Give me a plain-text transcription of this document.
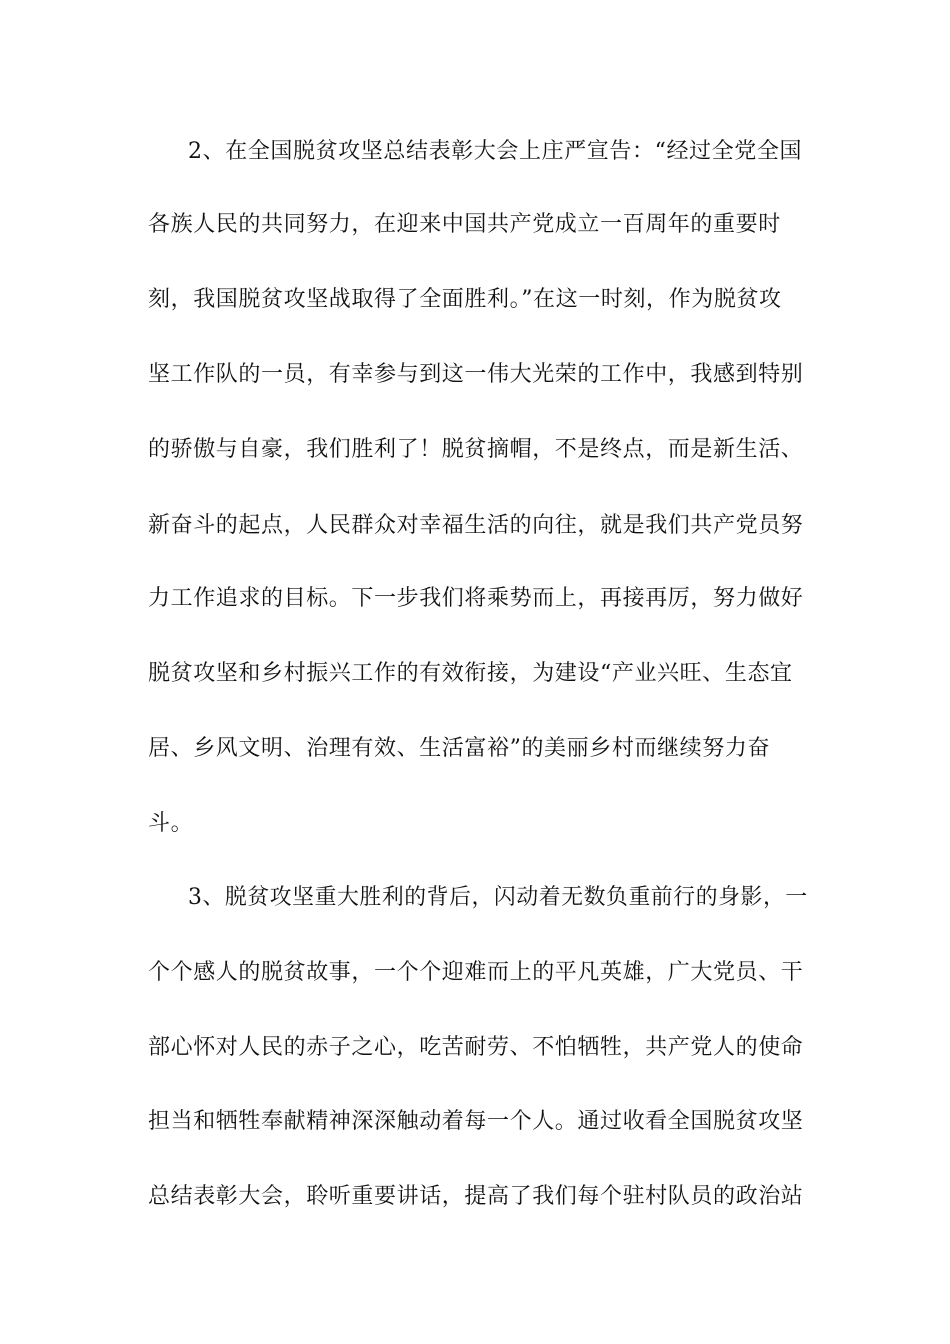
2、在全国脱贫攻坚总结表彰大会上庄严宣告：“经过全党全国
各族人民的共同努力，在迎来中国共产党成立一百周年的重要时
刻，我国脱贫攻坚战取得了全面胜利。”在这一时刻，作为脱贫攻
坚工作队的一员，有幸参与到这一伟大光荣的工作中，我感到特别
的骄傲与自豪，我们胜利了！脱贫摘帽，不是终点，而是新生活、
新奋斗的起点，人民群众对幸福生活的向往，就是我们共产党员努
力工作追求的目标。下一步我们将乘势而上，再接再厉，努力做好
脱贫攻坚和乡村振兴工作的有效衔接，为建设“产业兴旺、生态宜
居、乡风文明、治理有效、生活富裕”的美丽乡村而继续努力奋
斗。
3、脱贫攻坚重大胜利的背后，闪动着无数负重前行的身影，一
个个感人的脱贫故事，一个个迎难而上的平凡英雄，广大党员、干
部心怀对人民的赤子之心，吃苦耐劳、不怕牺牲，共产党人的使命
担当和牺牲奉献精神深深触动着每一个人。通过收看全国脱贫攻坚
总结表彰大会，聆听重要讲话，提高了我们每个驻村队员的政治站
